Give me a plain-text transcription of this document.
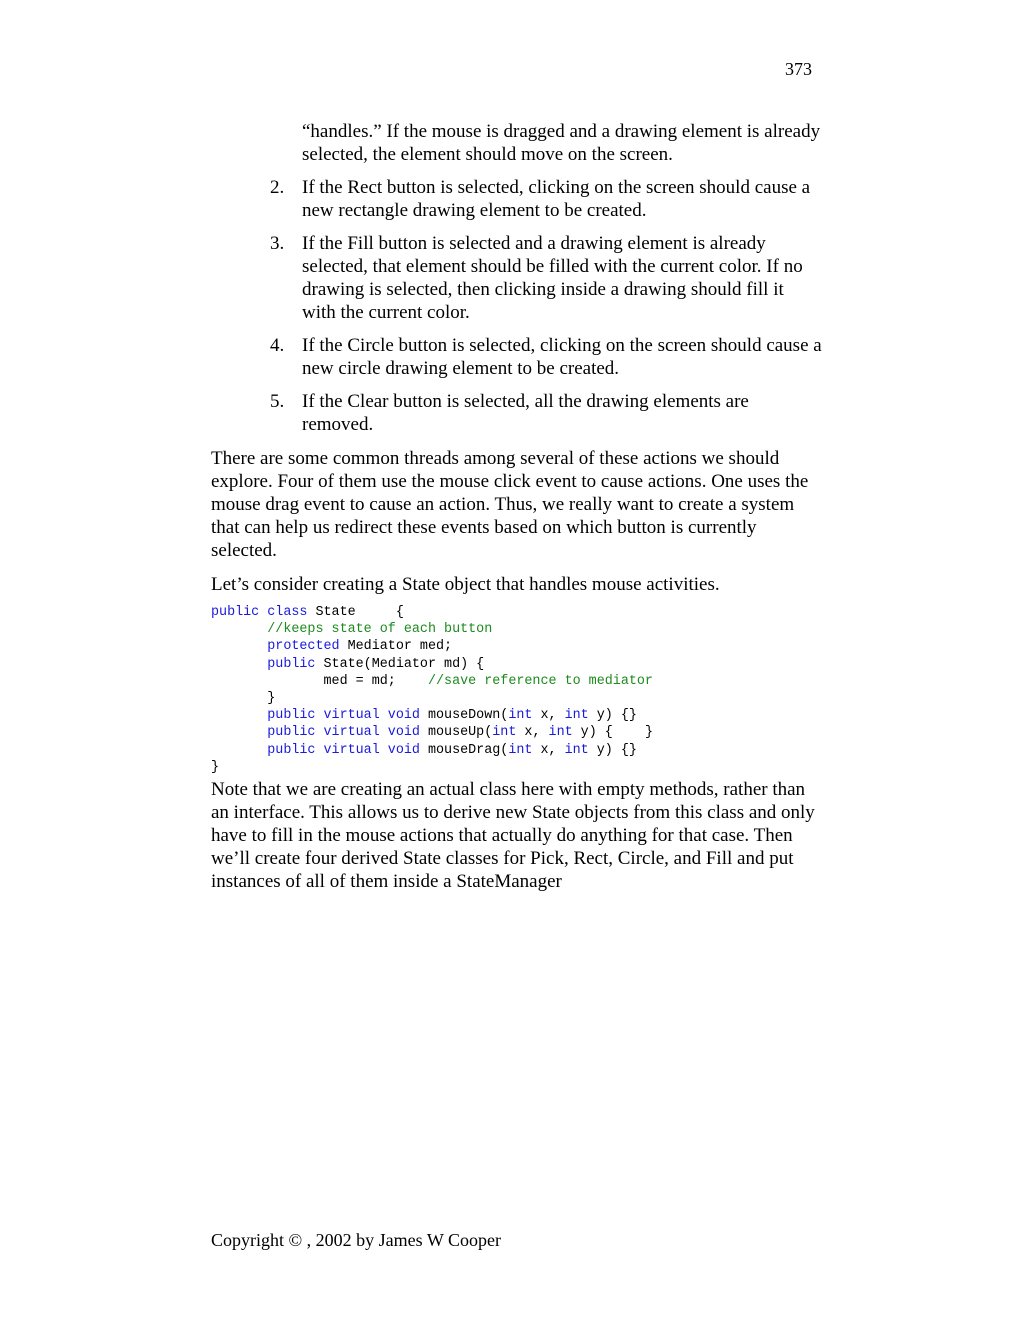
373
“handles.” If the mouse is dragged and a drawing element is already selected, the element should move on the screen.
2. If the Rect button is selected, clicking on the screen should cause a new rectangle drawing element to be created.
3. If the Fill button is selected and a drawing element is already selected, that element should be filled with the current color. If no drawing is selected, then clicking inside a drawing should fill it with the current color.
4. If the Circle button is selected, clicking on the screen should cause a new circle drawing element to be created.
5. If the Clear button is selected, all the drawing elements are removed.
There are some common threads among several of these actions we should explore. Four of them use the mouse click event to cause actions. One uses the mouse drag event to cause an action. Thus, we really want to create a system that can help us redirect these events based on which button is currently selected.
Let’s consider creating a State object that handles mouse activities.
public class State     {
//keeps state of each button
protected Mediator med;
public State(Mediator md) {
med = md;    //save reference to mediator
}
public virtual void mouseDown(int x, int y) {}
public virtual void mouseUp(int x, int y) {    }
public virtual void mouseDrag(int x, int y) {}
}
Note that we are creating an actual class here with empty methods, rather than an interface. This allows us to derive new State objects from this class and only have to fill in the mouse actions that actually do anything for that case. Then we’ll create four derived State classes for Pick, Rect, Circle, and Fill and put instances of all of them inside a StateManager
Copyright © , 2002 by James W Cooper
